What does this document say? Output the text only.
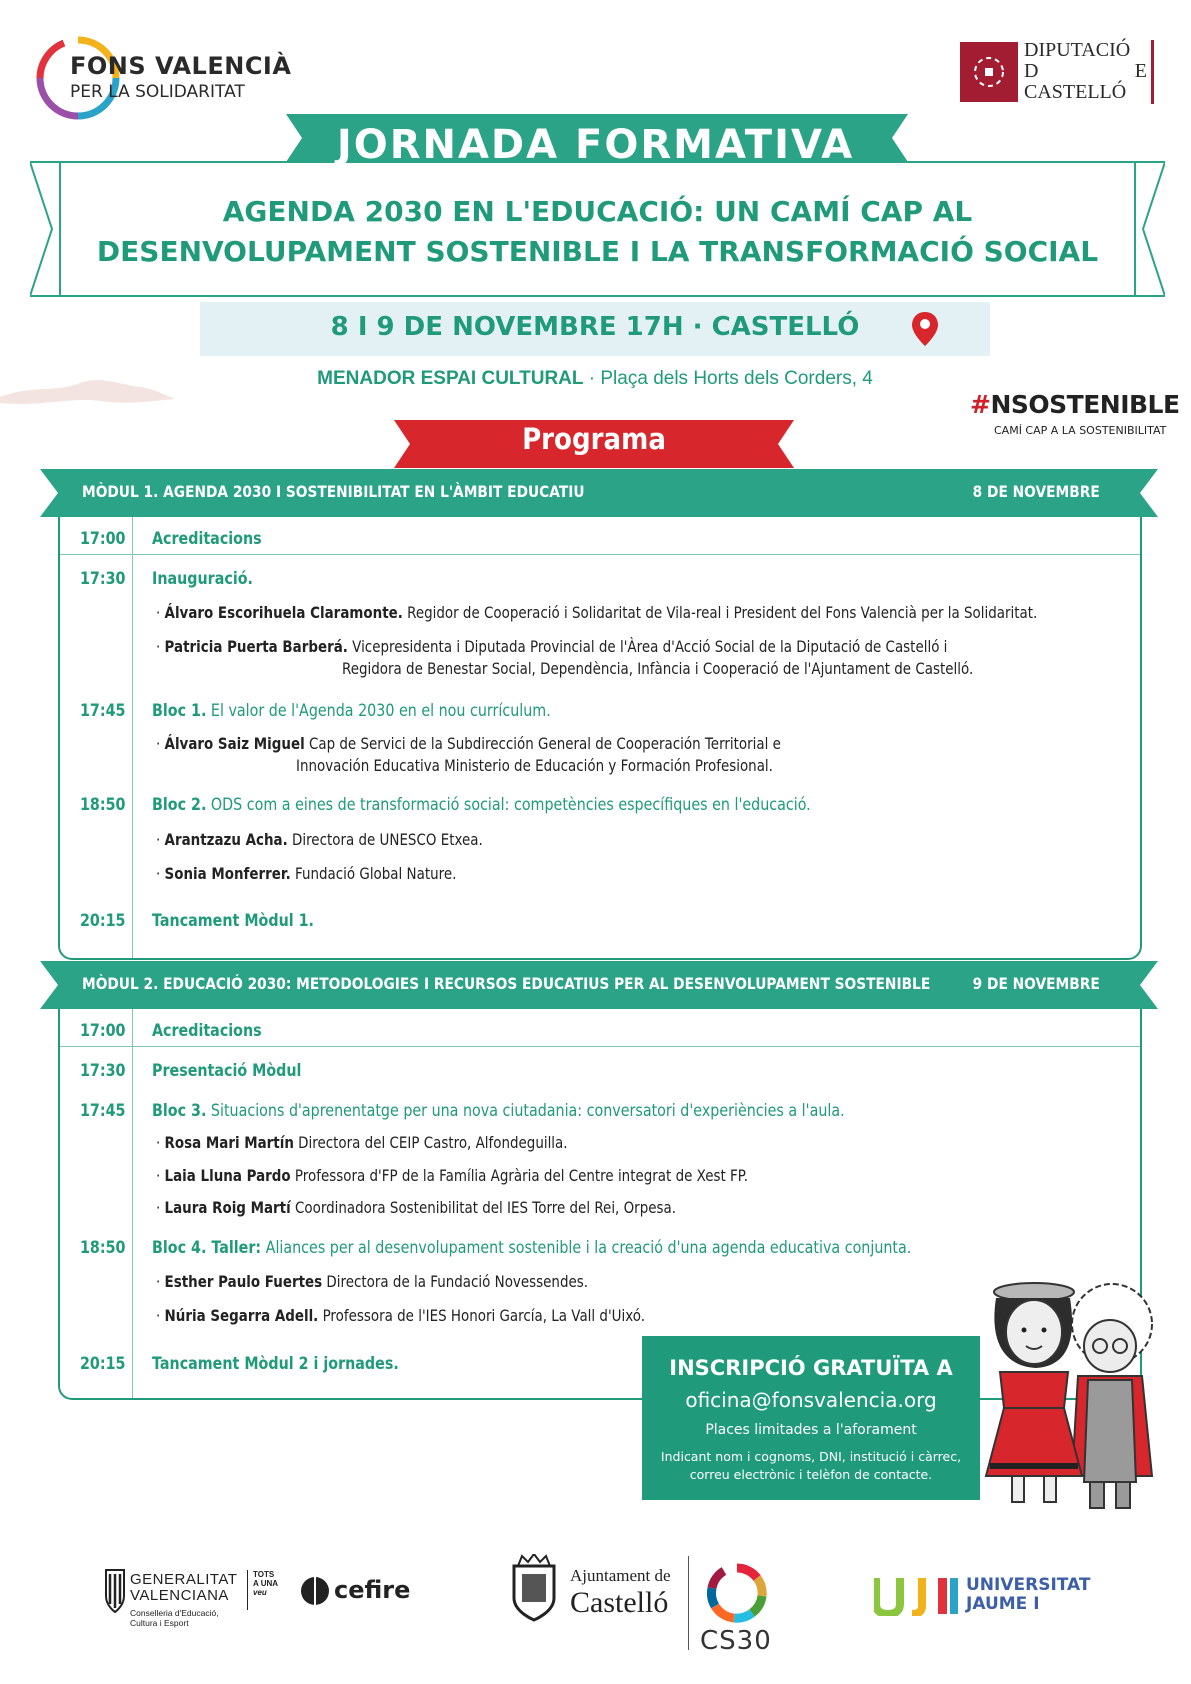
FONS VALENCIÀ
PER LA SOLIDARITAT
DIPUTACIÓ
D	E
CASTELLÓ
JORNADA FORMATIVA
AGENDA 2030 EN L'EDUCACIÓ: UN CAMÍ CAP AL
DESENVOLUPAMENT SOSTENIBLE I LA TRANSFORMACIÓ SOCIAL
8 I 9 DE NOVEMBRE 17H · CASTELLÓ
MENADOR ESPAI CULTURAL · Plaça dels Horts dels Corders, 4
#NSOSTENIBLE
CAMÍ CAP A LA SOSTENIBILITAT
Programa
MÒDUL 1. AGENDA 2030 I SOSTENIBILITAT EN L'ÀMBIT EDUCATIU	8 DE NOVEMBRE
17:00 Acreditacions
17:30 Inauguració.
· Álvaro Escorihuela Claramonte. Regidor de Cooperació i Solidaritat de Vila-real i President del Fons Valencià per la Solidaritat.
· Patricia Puerta Barberá. Vicepresidenta i Diputada Provincial de l'Àrea d'Acció Social de la Diputació de Castelló i
Regidora de Benestar Social, Dependència, Infància i Cooperació de l'Ajuntament de Castelló.
17:45 Bloc 1. El valor de l'Agenda 2030 en el nou currículum.
· Álvaro Saiz Miguel Cap de Servici de la Subdirección General de Cooperación Territorial e
Innovación Educativa Ministerio de Educación y Formación Profesional.
18:50 Bloc 2. ODS com a eines de transformació social: competències específiques en l'educació.
· Arantzazu Acha. Directora de UNESCO Etxea.
· Sonia Monferrer. Fundació Global Nature.
20:15 Tancament Mòdul 1.
MÒDUL 2. EDUCACIÓ 2030: METODOLOGIES I RECURSOS EDUCATIUS PER AL DESENVOLUPAMENT SOSTENIBLE	9 DE NOVEMBRE
17:00 Acreditacions
17:30 Presentació Mòdul
17:45 Bloc 3. Situacions d'aprenentatge per una nova ciutadania: conversatori d'experiències a l'aula.
· Rosa Mari Martín Directora del CEIP Castro, Alfondeguilla.
· Laia Lluna Pardo Professora d'FP de la Família Agrària del Centre integrat de Xest FP.
· Laura Roig Martí Coordinadora Sostenibilitat del IES Torre del Rei, Orpesa.
18:50 Bloc 4. Taller: Aliances per al desenvolupament sostenible i la creació d'una agenda educativa conjunta.
· Esther Paulo Fuertes Directora de la Fundació Novessendes.
· Núria Segarra Adell. Professora de l'IES Honori García, La Vall d'Uixó.
20:15 Tancament Mòdul 2 i jornades.	INSCRIPCIÓ GRATUÏTA A
oficina@fonsvalencia.org
Places limitades a l'aforament
Indicant nom i cognoms, DNI, institució i càrrec,
correu electrònic i telèfon de contacte.
GENERALITAT
VALENCIANA
Conselleria d'Educació,
Cultura i Esport
TOTS
A UNA
veu	cefire
Ajuntament de
Castelló
CS30
UNIVERSITAT
JAUME I
